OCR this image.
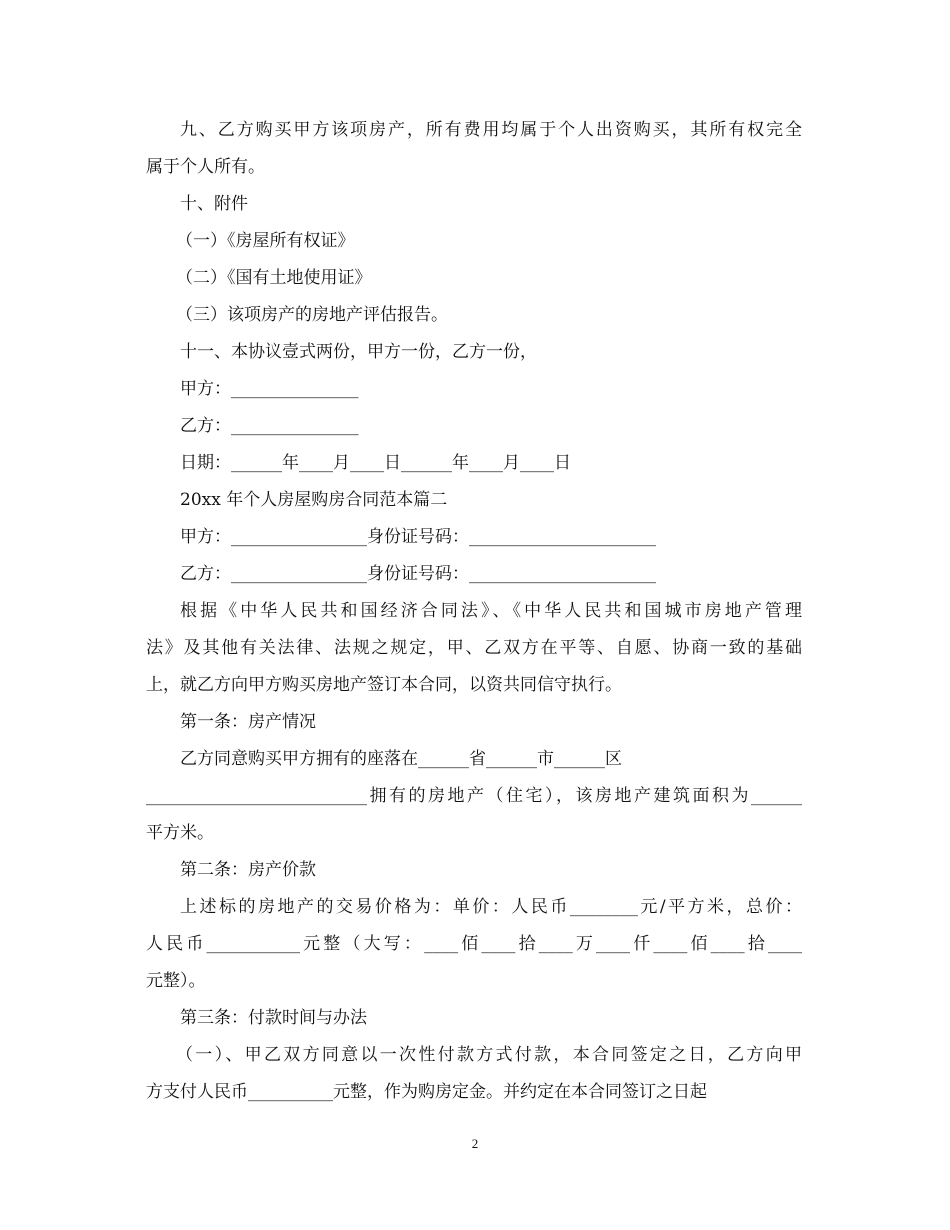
九、乙方购买甲方该项房产，所有费用均属于个人出资购买，其所有权完全
属于个人所有。
十、附件
（一）《房屋所有权证》
（二）《国有土地使用证》
（三）该项房产的房地产评估报告。
十一、本协议壹式两份，甲方一份，乙方一份，
甲方：_______________
乙方：_______________
日期：______年____月____日______年____月____日
20xx 年个人房屋购房合同范本篇二
甲方：________________身份证号码：______________________
乙方：________________身份证号码：______________________
根据《中华人民共和国经济合同法》、《中华人民共和国城市房地产管理
法》及其他有关法律、法规之规定，甲、乙双方在平等、自愿、协商一致的基础
上，就乙方向甲方购买房地产签订本合同，以资共同信守执行。
第一条：房产情况
乙方同意购买甲方拥有的座落在______省______市______区
__________________________拥有的房地产（住宅），该房地产建筑面积为______
平方米。
第二条：房产价款
上述标的房地产的交易价格为：单价：人民币________元/平方米，总价：
人民币___________元整（大写：____佰____拾____万____仟____佰____拾____
元整）。
第三条：付款时间与办法
（一）、甲乙双方同意以一次性付款方式付款，本合同签定之日，乙方向甲
方支付人民币__________元整，作为购房定金。并约定在本合同签订之日起
2
